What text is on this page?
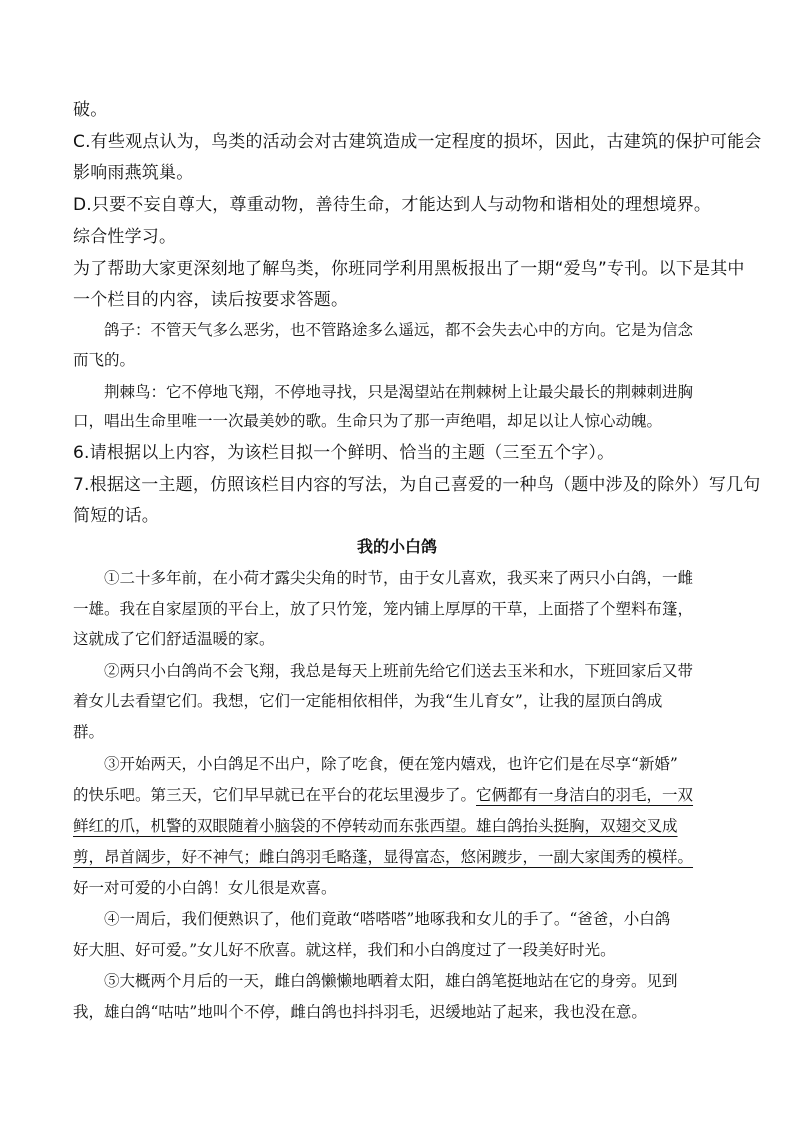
破。
C.有些观点认为，鸟类的活动会对古建筑造成一定程度的损坏，因此，古建筑的保护可能会
影响雨燕筑巢。
D.只要不妄自尊大，尊重动物，善待生命，才能达到人与动物和谐相处的理想境界。
综合性学习。
为了帮助大家更深刻地了解鸟类，你班同学利用黑板报出了一期“爱鸟”专刊。以下是其中
一个栏目的内容，读后按要求答题。
鸽子：不管天气多么恶劣，也不管路途多么遥远，都不会失去心中的方向。它是为信念
而飞的。
荆棘鸟：它不停地飞翔，不停地寻找，只是渴望站在荆棘树上让最尖最长的荆棘刺进胸
口，唱出生命里唯一一次最美妙的歌。生命只为了那一声绝唱，却足以让人惊心动魄。
6.请根据以上内容，为该栏目拟一个鲜明、恰当的主题（三至五个字）。
7.根据这一主题，仿照该栏目内容的写法，为自己喜爱的一种鸟（题中涉及的除外）写几句
简短的话。
我的小白鸽
①二十多年前，在小荷才露尖尖角的时节，由于女儿喜欢，我买来了两只小白鸽，一雌
一雄。我在自家屋顶的平台上，放了只竹笼，笼内铺上厚厚的干草，上面搭了个塑料布篷，
这就成了它们舒适温暖的家。
②两只小白鸽尚不会飞翔，我总是每天上班前先给它们送去玉米和水，下班回家后又带
着女儿去看望它们。我想，它们一定能相依相伴，为我“生儿育女”，让我的屋顶白鸽成
群。
③开始两天，小白鸽足不出户，除了吃食，便在笼内嬉戏，也许它们是在尽享“新婚”
的快乐吧。第三天，它们早早就已在平台的花坛里漫步了。它俩都有一身洁白的羽毛，一双
鲜红的爪，机警的双眼随着小脑袋的不停转动而东张西望。雄白鸽抬头挺胸，双翅交叉成
剪，昂首阔步，好不神气；雌白鸽羽毛略蓬，显得富态，悠闲踱步，一副大家闺秀的模样。
好一对可爱的小白鸽！女儿很是欢喜。
④一周后，我们便熟识了，他们竟敢“嗒嗒嗒”地啄我和女儿的手了。“爸爸，小白鸽
好大胆、好可爱。”女儿好不欣喜。就这样，我们和小白鸽度过了一段美好时光。
⑤大概两个月后的一天，雌白鸽懒懒地晒着太阳，雄白鸽笔挺地站在它的身旁。见到
我，雄白鸽“咕咕”地叫个不停，雌白鸽也抖抖羽毛，迟缓地站了起来，我也没在意。
